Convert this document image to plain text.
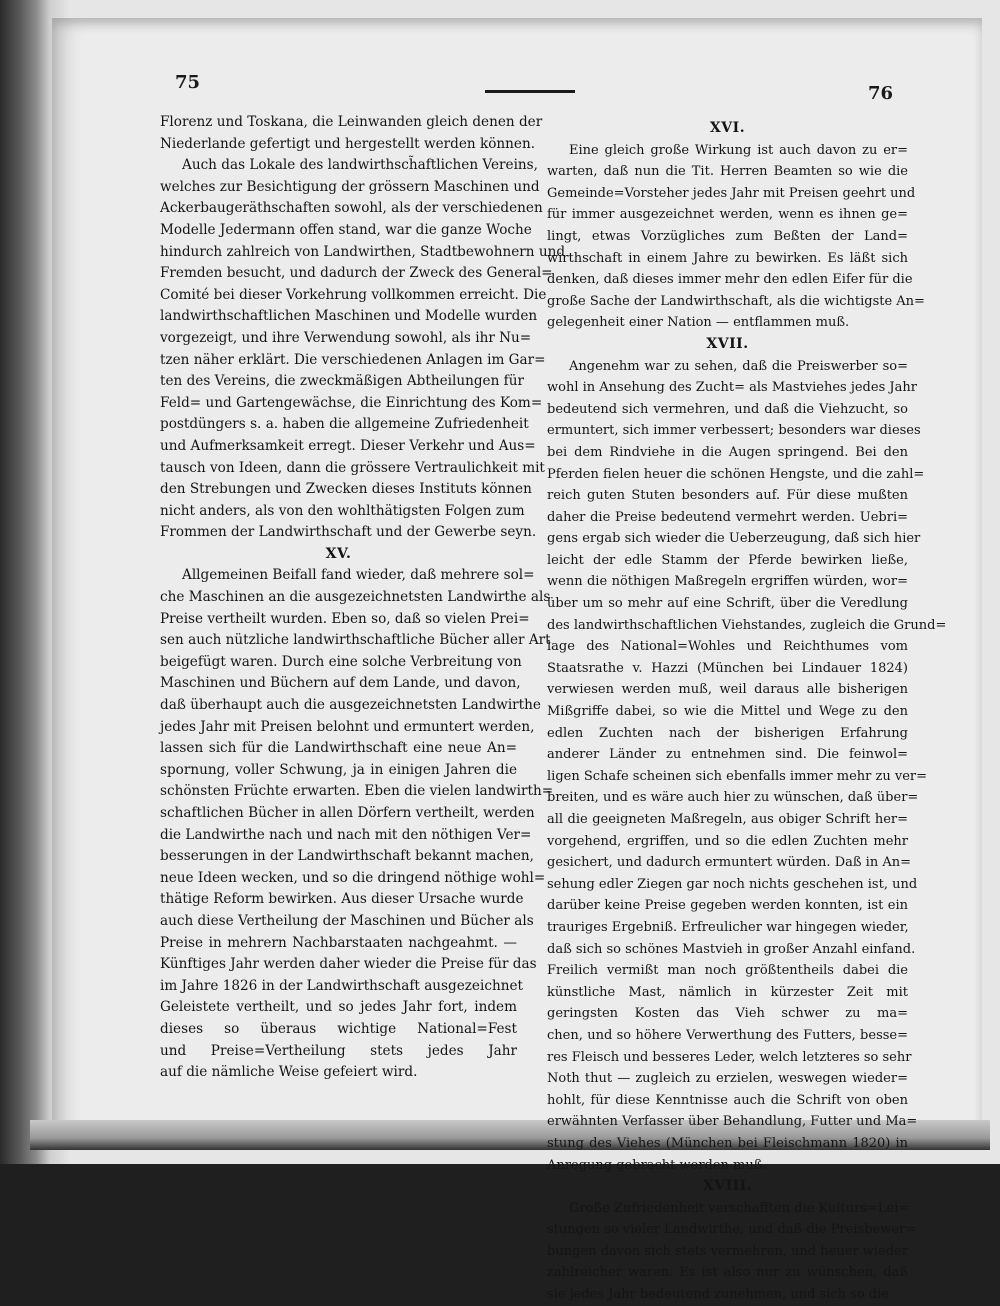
75
76
Florenz und Toskana, die Leinwanden gleich denen der
Niederlande gefertigt und hergestellt werden können.
Auch das Lokale des landwirthsch̃aftlichen Vereins,
welches zur Besichtigung der grössern Maschinen und
Ackerbaugeräthschaften sowohl, als der verschiedenen
Modelle Jedermann offen stand, war die ganze Woche
hindurch zahlreich von Landwirthen, Stadtbewohnern und
Fremden besucht, und dadurch der Zweck des General=
Comité bei dieser Vorkehrung vollkommen erreicht. Die
landwirthschaftlichen Maschinen und Modelle wurden
vorgezeigt, und ihre Verwendung sowohl, als ihr Nu=
tzen näher erklärt. Die verschiedenen Anlagen im Gar=
ten des Vereins, die zweckmäßigen Abtheilungen für
Feld= und Gartengewächse, die Einrichtung des Kom=
postdüngers s. a. haben die allgemeine Zufriedenheit
und Aufmerksamkeit erregt. Dieser Verkehr und Aus=
tausch von Ideen, dann die grössere Vertraulichkeit mit
den Strebungen und Zwecken dieses Instituts können
nicht anders, als von den wohlthätigsten Folgen zum
Frommen der Landwirthschaft und der Gewerbe seyn.
XV.
Allgemeinen Beifall fand wieder, daß mehrere sol=
che Maschinen an die ausgezeichnetsten Landwirthe als
Preise vertheilt wurden. Eben so, daß so vielen Prei=
sen auch nützliche landwirthschaftliche Bücher aller Art
beigefügt waren. Durch eine solche Verbreitung von
Maschinen und Büchern auf dem Lande, und davon,
daß überhaupt auch die ausgezeichnetsten Landwirthe
jedes Jahr mit Preisen belohnt und ermuntert werden,
lassen sich für die Landwirthschaft eine neue An=
spornung, voller Schwung, ja in einigen Jahren die
schönsten Früchte erwarten. Eben die vielen landwirth=
schaftlichen Bücher in allen Dörfern vertheilt, werden
die Landwirthe nach und nach mit den nöthigen Ver=
besserungen in der Landwirthschaft bekannt machen,
neue Ideen wecken, und so die dringend nöthige wohl=
thätige Reform bewirken. Aus dieser Ursache wurde
auch diese Vertheilung der Maschinen und Bücher als
Preise in mehrern Nachbarstaaten nachgeahmt. —
Künftiges Jahr werden daher wieder die Preise für das
im Jahre 1826 in der Landwirthschaft ausgezeichnet
Geleistete vertheilt, und so jedes Jahr fort, indem
dieses so überaus wichtige National=Fest
und Preise=Vertheilung stets jedes Jahr
auf die nämliche Weise gefeiert wird.
XVI.
Eine gleich große Wirkung ist auch davon zu er=
warten, daß nun die Tit. Herren Beamten so wie die
Gemeinde=Vorsteher jedes Jahr mit Preisen geehrt und
für immer ausgezeichnet werden, wenn es ihnen ge=
lingt, etwas Vorzügliches zum Beßten der Land=
wirthschaft in einem Jahre zu bewirken. Es läßt sich
denken, daß dieses immer mehr den edlen Eifer für die
große Sache der Landwirthschaft, als die wichtigste An=
gelegenheit einer Nation — entflammen muß.
XVII.
Angenehm war zu sehen, daß die Preiswerber so=
wohl in Ansehung des Zucht= als Mastviehes jedes Jahr
bedeutend sich vermehren, und daß die Viehzucht, so
ermuntert, sich immer verbessert; besonders war dieses
bei dem Rindviehe in die Augen springend. Bei den
Pferden fielen heuer die schönen Hengste, und die zahl=
reich guten Stuten besonders auf. Für diese mußten
daher die Preise bedeutend vermehrt werden. Uebri=
gens ergab sich wieder die Ueberzeugung, daß sich hier
leicht der edle Stamm der Pferde bewirken ließe,
wenn die nöthigen Maßregeln ergriffen würden, wor=
über um so mehr auf eine Schrift, über die Veredlung
des landwirthschaftlichen Viehstandes, zugleich die Grund=
lage des National=Wohles und Reichthumes vom
Staatsrathe v. Hazzi (München bei Lindauer 1824)
verwiesen werden muß, weil daraus alle bisherigen
Mißgriffe dabei, so wie die Mittel und Wege zu den
edlen Zuchten nach der bisherigen Erfahrung
anderer Länder zu entnehmen sind. Die feinwol=
ligen Schafe scheinen sich ebenfalls immer mehr zu ver=
breiten, und es wäre auch hier zu wünschen, daß über=
all die geeigneten Maßregeln, aus obiger Schrift her=
vorgehend, ergriffen, und so die edlen Zuchten mehr
gesichert, und dadurch ermuntert würden. Daß in An=
sehung edler Ziegen gar noch nichts geschehen ist, und
darüber keine Preise gegeben werden konnten, ist ein
trauriges Ergebniß. Erfreulicher war hingegen wieder,
daß sich so schönes Mastvieh in großer Anzahl einfand.
Freilich vermißt man noch größtentheils dabei die
künstliche Mast, nämlich in kürzester Zeit mit
geringsten Kosten das Vieh schwer zu ma=
chen, und so höhere Verwerthung des Futters, besse=
res Fleisch und besseres Leder, welch letzteres so sehr
Noth thut — zugleich zu erzielen, weswegen wieder=
hohlt, für diese Kenntnisse auch die Schrift von oben
erwähnten Verfasser über Behandlung, Futter und Ma=
stung des Viehes (München bei Fleischmann 1820) in
Anregung gebracht werden muß.
XVIII.
Große Zufriedenheit verschafften die Kulturs=Lei=
stungen so vieler Landwirthe, und daß die Preisbewer=
bungen davon sich stets vermehren, und heuer wieder
zahlreicher waren. Es ist also nur zu wünschen, daß
sie jedes Jahr bedeutend zunehmen, und sich so die
